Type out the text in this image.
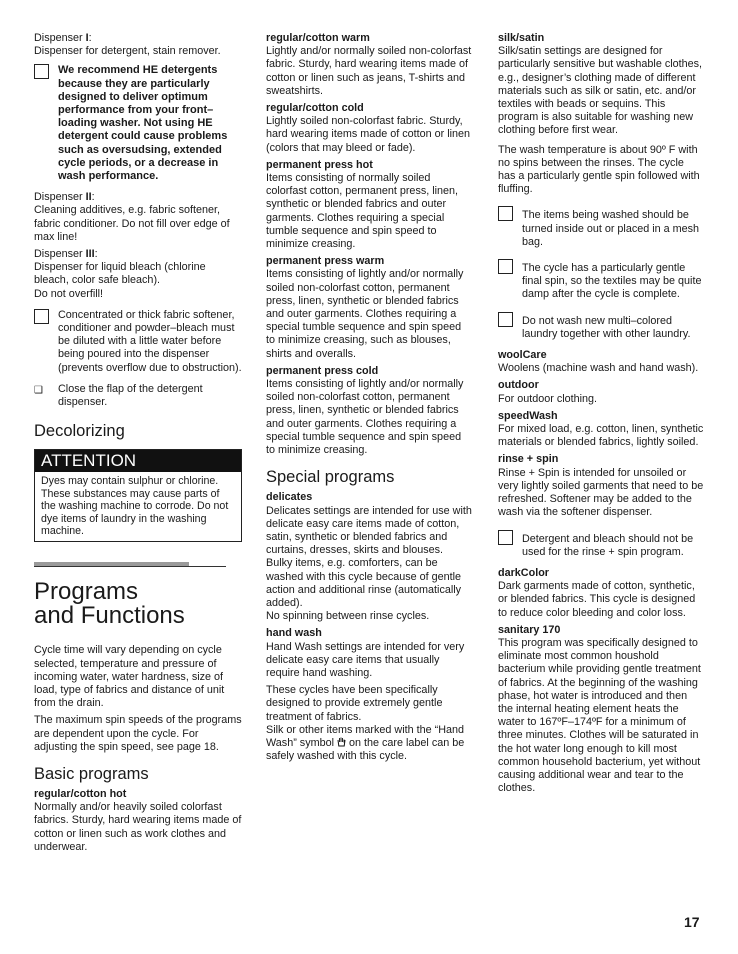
Dispenser I:
Dispenser for detergent, stain remover.

We recommend HE detergents because they are particularly designed to deliver optimum performance from your front–loading washer. Not using HE detergent could cause problems such as oversudsing, extended cycle periods, or a decrease in wash performance.

Dispenser II:
Cleaning additives, e.g. fabric softener, fabric conditioner. Do not fill over edge of max line!

Dispenser III:
Dispenser for liquid bleach (chlorine bleach, color safe bleach).
Do not overfill!

Concentrated or thick fabric softener, conditioner and powder–bleach must be diluted with a little water before being poured into the dispenser (prevents overflow due to obstruction).
❑ Close the flap of the detergent dispenser.
Decolorizing
ATTENTION
Dyes may contain sulphur or chlorine. These substances may cause parts of the washing machine to corrode. Do not dye items of laundry in the washing machine.
Programs
and Functions

Cycle time will vary depending on cycle selected, temperature and pressure of incoming water, water hardness, size of load, type of fabrics and distance of unit from the drain.

The maximum spin speeds of the programs are dependent upon the cycle. For adjusting the spin speed, see page 18.

Basic programs
regular/cotton hot

Normally and/or heavily soiled colorfast fabrics. Sturdy, hard wearing items made of cotton or linen such as work clothes and underwear.

regular/cotton warm

Lightly and/or normally soiled non-colorfast fabric. Sturdy, hard wearing items made of cotton or linen such as jeans, T-shirts and sweatshirts.

regular/cotton cold

Lightly soiled non-colorfast fabric. Sturdy, hard wearing items made of cotton or linen (colors that may bleed or fade).

permanent press hot

Items consisting of normally soiled colorfast cotton, permanent press, linen, synthetic or blended fabrics and outer garments. Clothes requiring a special tumble sequence and spin speed to minimize creasing.

permanent press warm

Items consisting of lightly and/or normally soiled non-colorfast cotton, permanent press, linen, synthetic or blended fabrics and outer garments. Clothes requiring a special tumble sequence and spin speed to minimize creasing, such as blouses, shirts and overalls.

permanent press cold

Items consisting of lightly and/or normally soiled non-colorfast cotton, permanent press, linen, synthetic or blended fabrics and outer garments. Clothes requiring a special tumble sequence and spin speed to minimize creasing.

Special programs
delicates

Delicates settings are intended for use with delicate easy care items made of cotton, satin, synthetic or blended fabrics and curtains, dresses, skirts and blouses.

Bulky items, e.g. comforters, can be washed with this cycle because of gentle action and additional rinse (automatically added).

No spinning between rinse cycles.

hand wash

Hand Wash settings are intended for very delicate easy care items that usually require hand washing.

These cycles have been specifically designed to provide extremely gentle treatment of fabrics.

Silk or other items marked with the “Hand Wash” symbol  on the care label can be safely washed with this cycle.

silk/satin

Silk/satin settings are designed for particularly sensitive but washable clothes, e.g., designer’s clothing made of different materials such as silk or satin, etc. and/or textiles with beads or sequins. This program is also suitable for washing new clothing before first wear.

The wash temperature is about 90º F with no spins between the rinses. The cycle has a particularly gentle spin followed with fluffing.

The items being washed should be turned inside out or placed in a mesh bag.
The cycle has a particularly gentle final spin, so the textiles may be quite damp after the cycle is complete.
Do not wash new multi–colored laundry together with other laundry.
woolCare

Woolens (machine wash and hand wash).

outdoor

For outdoor clothing.

speedWash

For mixed load, e.g. cotton, linen, synthetic materials or blended fabrics, lightly soiled.

rinse + spin

Rinse + Spin is intended for unsoiled or very lightly soiled garments that need to be refreshed. Softener may be added to the wash via the softener dispenser.

Detergent and bleach should not be used for the rinse + spin program.
darkColor

Dark garments made of cotton, synthetic, or blended fabrics. This cycle is designed to reduce color bleeding and color loss.

sanitary 170

This program was specifically designed to eliminate most common houshold bacterium while providing gentle treatment of fabrics. At the beginning of the washing phase, hot water is introduced and then the internal heating element heats the water to 167ºF–174ºF for a minimum of three minutes. Clothes will be saturated in the hot water long enough to kill most common household bacterium, yet without causing additional wear and tear to the clothes.

17
